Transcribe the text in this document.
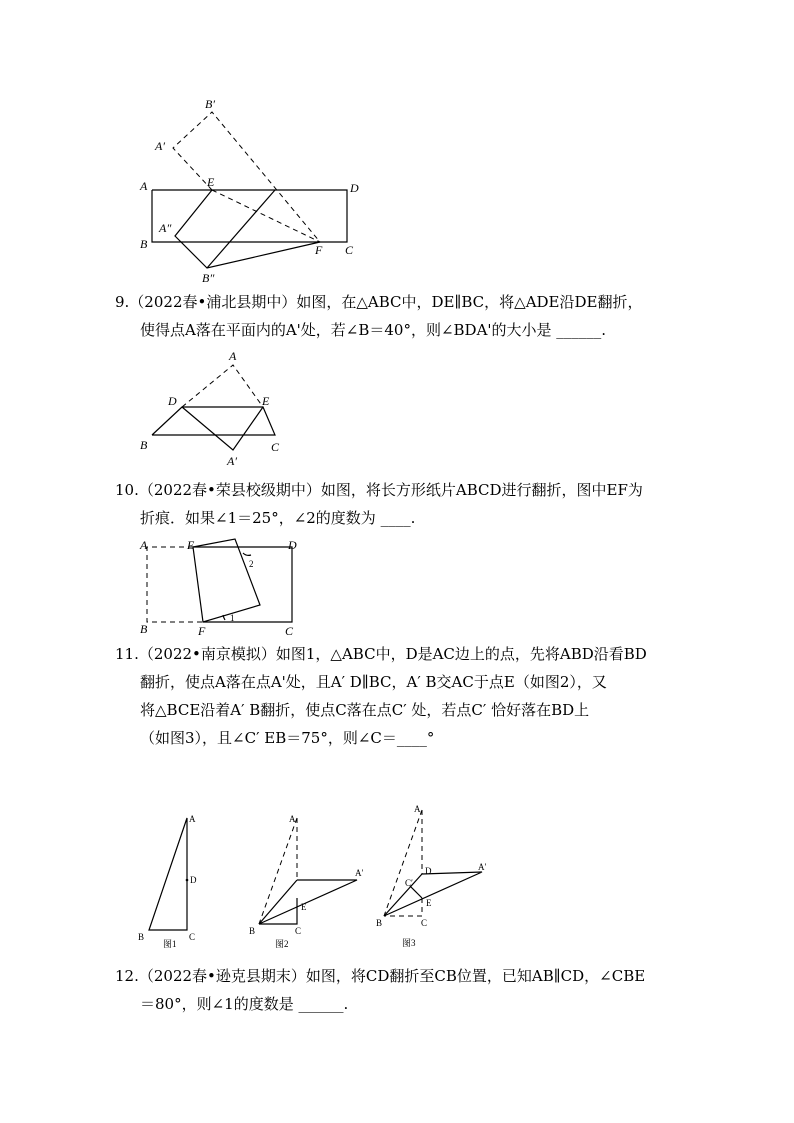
B′
A′
A	E	D
A″
B	F C
B″
9.（2022春•浦北县期中）如图，在△ABC中，DE∥BC，将△ADE沿DE翻折，
使得点A落在平面内的A'处，若∠B＝40°，则∠BDA'的大小是 ______.
A
D	E
B	C
A′
10.（2022春•荣县校级期中）如图，将长方形纸片ABCD进行翻折，图中EF为
折痕．如果∠1＝25°，∠2的度数为 ____.
A	E	D
B	F	C
1
2
11.（2022•南京模拟）如图1，△ABC中，D是AC边上的点，先将ABD沿看BD
翻折，使点A落在点A'处，且A′ D∥BC，A′ B交AC于点E（如图2），又
将△BCE沿着A′ B翻折，使点C落在点C′ 处，若点C′ 恰好落在BD上
（如图3），且∠C′ EB＝75°，则∠C＝____°
A
D
B	C
图1
A
A′
E
B	C
图2
A
D	A′
C′
E
B	C
图3
12.（2022春•逊克县期末）如图，将CD翻折至CB位置，已知AB∥CD，∠CBE
＝80°，则∠1的度数是 ______.
